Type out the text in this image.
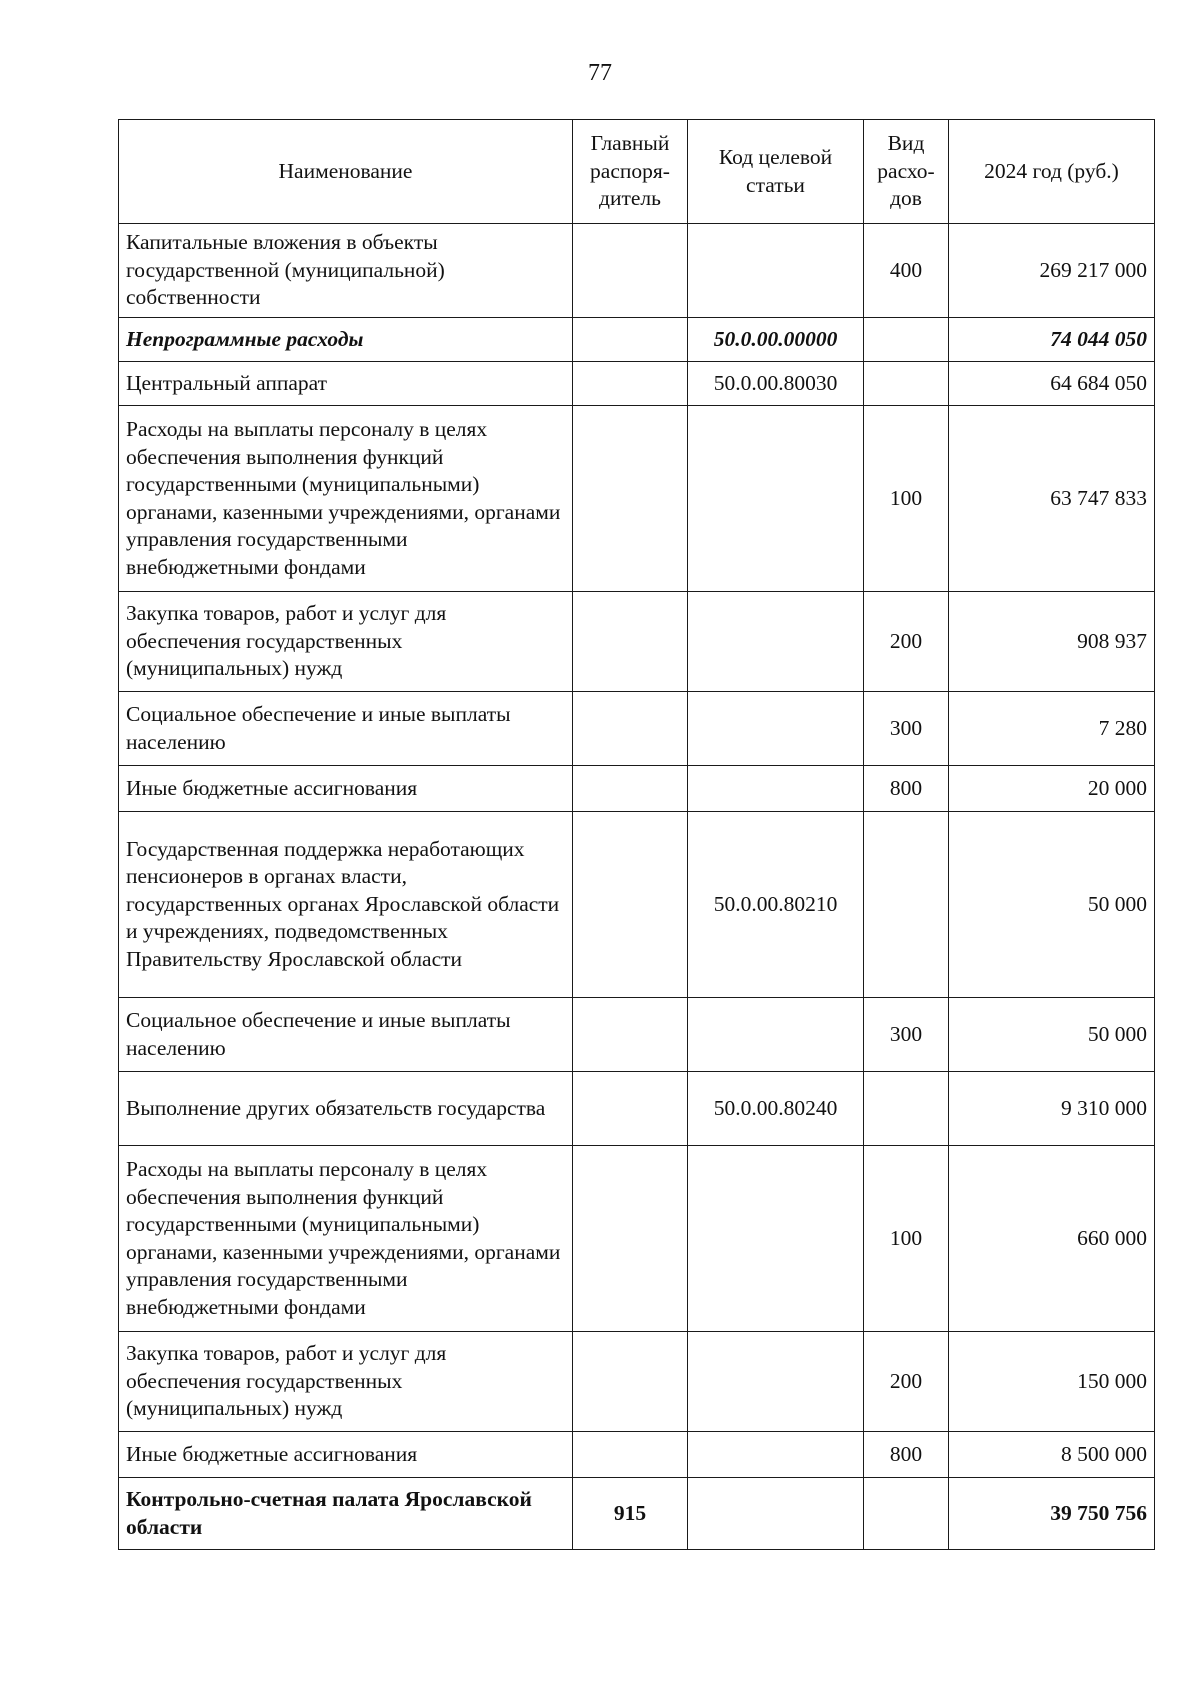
77
Наименование	Главный распоря-дитель	Код целевой статьи	Вид расхо-дов	2024 год (руб.)
Капитальные вложения в объекты государственной (муниципальной) собственности			400	269 217 000
Непрограммные расходы		50.0.00.00000		74 044 050
Центральный аппарат		50.0.00.80030		64 684 050
Расходы на выплаты персоналу в целях обеспечения выполнения функций государственными (муниципальными) органами, казенными учреждениями, органами управления государственными внебюджетными фондами			100	63 747 833
Закупка товаров, работ и услуг для обеспечения государственных (муниципальных) нужд			200	908 937
Социальное обеспечение и иные выплаты населению			300	7 280
Иные бюджетные ассигнования			800	20 000
Государственная поддержка неработающих пенсионеров в органах власти, государственных органах Ярославской области и учреждениях, подведомственных Правительству Ярославской области		50.0.00.80210		50 000
Социальное обеспечение и иные выплаты населению			300	50 000
Выполнение других обязательств государства		50.0.00.80240		9 310 000
Расходы на выплаты персоналу в целях обеспечения выполнения функций государственными (муниципальными) органами, казенными учреждениями, органами управления государственными внебюджетными фондами			100	660 000
Закупка товаров, работ и услуг для обеспечения государственных (муниципальных) нужд			200	150 000
Иные бюджетные ассигнования			800	8 500 000
Контрольно-счетная палата Ярославской области	915			39 750 756
